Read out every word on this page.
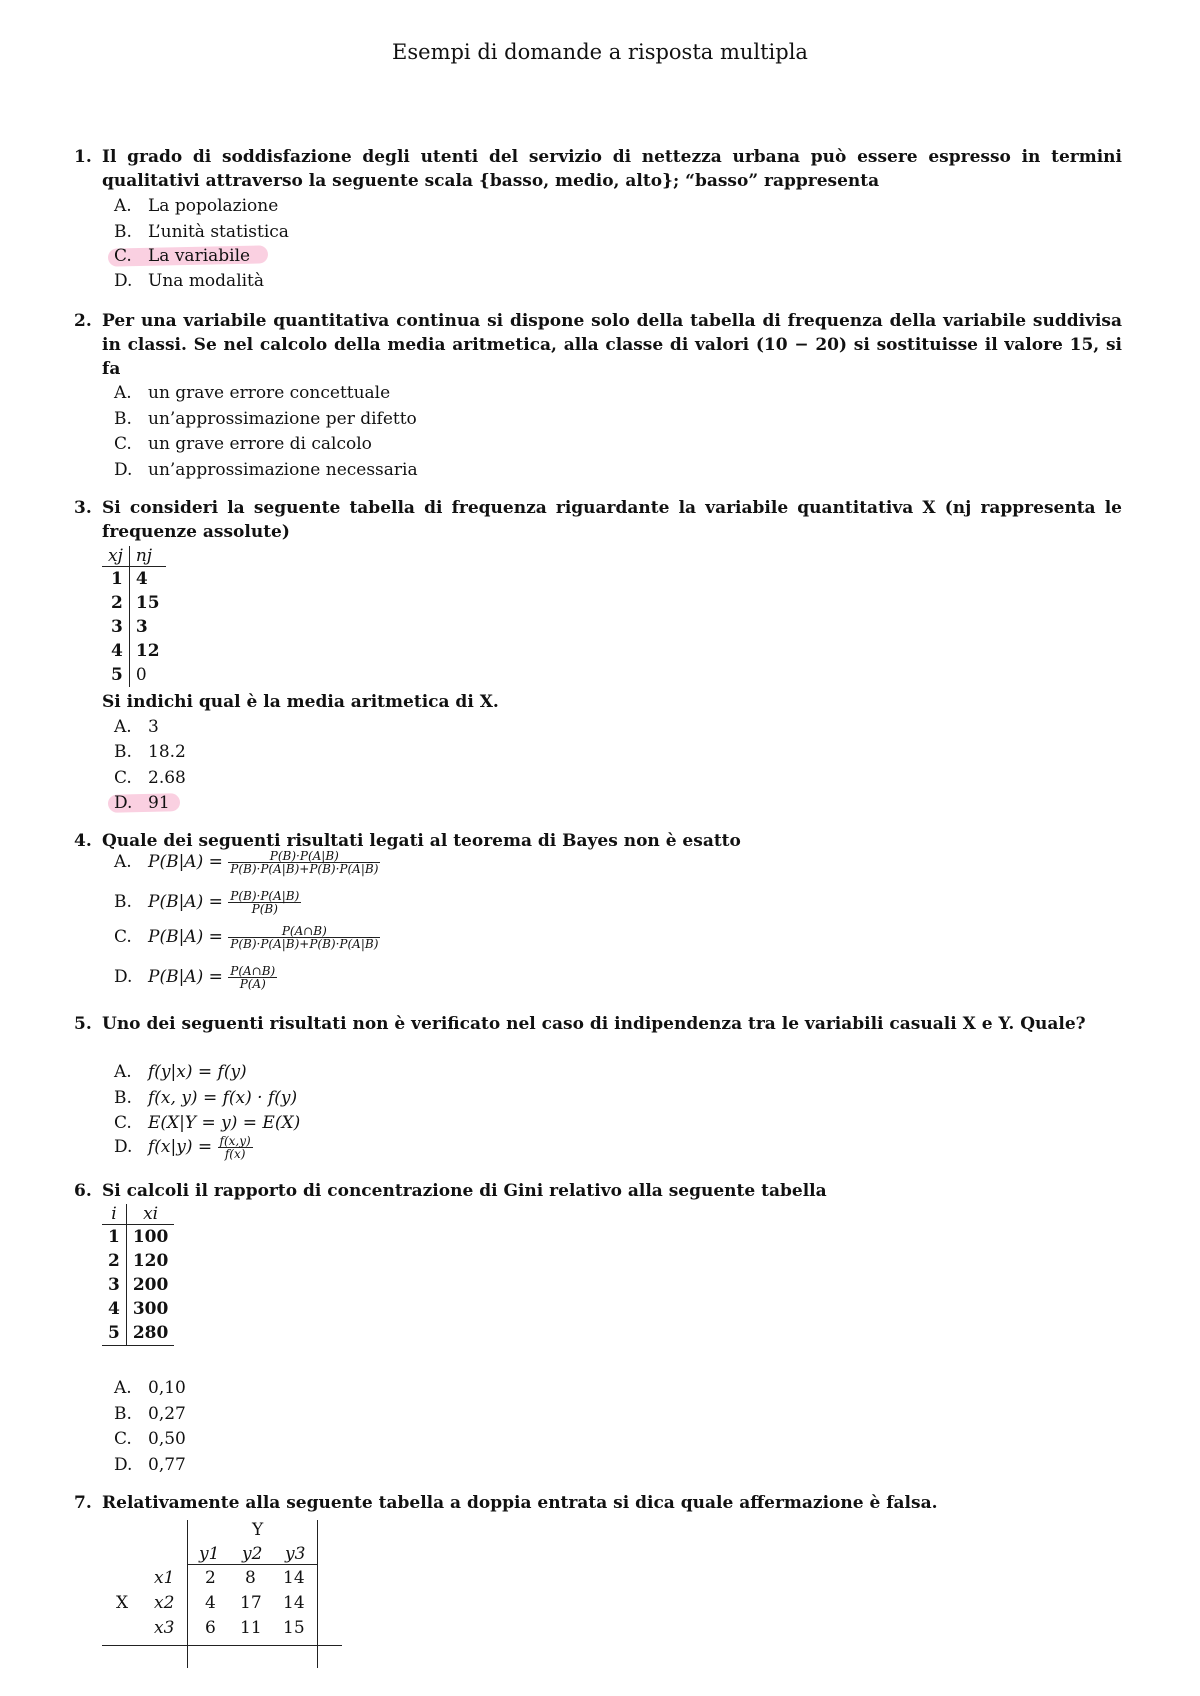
Esempi di domande a risposta multipla
1. Il grado di soddisfazione degli utenti del servizio di nettezza urbana può essere espresso in termini qualitativi attraverso la seguente scala {basso, medio, alto}; “basso” rappresenta
A. La popolazione
B. L’unità statistica
C. La variabile
D. Una modalità
2. Per una variabile quantitativa continua si dispone solo della tabella di frequenza della variabile suddivisa in classi. Se nel calcolo della media aritmetica, alla classe di valori (10 − 20) si sostituisse il valore 15, si fa
A. un grave errore concettuale
B. un’approssimazione per difetto
C. un grave errore di calcolo
D. un’approssimazione necessaria
3. Si consideri la seguente tabella di frequenza riguardante la variabile quantitativa X (nj rappresenta le frequenze assolute)
xj	nj
1	4
2	15
3	3
4	12
5	0
Si indichi qual è la media aritmetica di X.
A. 3
B. 18.2
C. 2.68
D. 91
4. Quale dei seguenti risultati legati al teorema di Bayes non è esatto
A. $P(B|A) = \frac{P(B)\cdot P(A|B)}{P(B)\cdot P(A|B)+P(B̄)\cdot P(A|B̄)}$
B. $P(B|A) = \frac{P(B)\cdot P(A|B)}{P(B)}$
C. $P(B|A) = \frac{P(A\cap B)}{P(B)\cdot P(A|B)+P(B̄)\cdot P(A|B̄)}$
D. $P(B|A) = \frac{P(A\cap B)}{P(A)}$
5. Uno dei seguenti risultati non è verificato nel caso di indipendenza tra le variabili casuali X e Y. Quale?
A. f(y|x) = f(y)
B. f(x, y) = f(x) · f(y)
C. E(X|Y = y) = E(X)
D. $f(x|y) = \frac{f(x,y)}{f(x)}$
6. Si calcoli il rapporto di concentrazione di Gini relativo alla seguente tabella
i	xi
1	100
2	120
3	200
4	300
5	280
A. 0,10
B. 0,27
C. 0,50
D. 0,77
7. Relativamente alla seguente tabella a doppia entrata si dica quale affermazione è falsa.
Y
y1 y2 y3
X
x1 2 8 14
x2 4 17 14
x3 6 11 15
